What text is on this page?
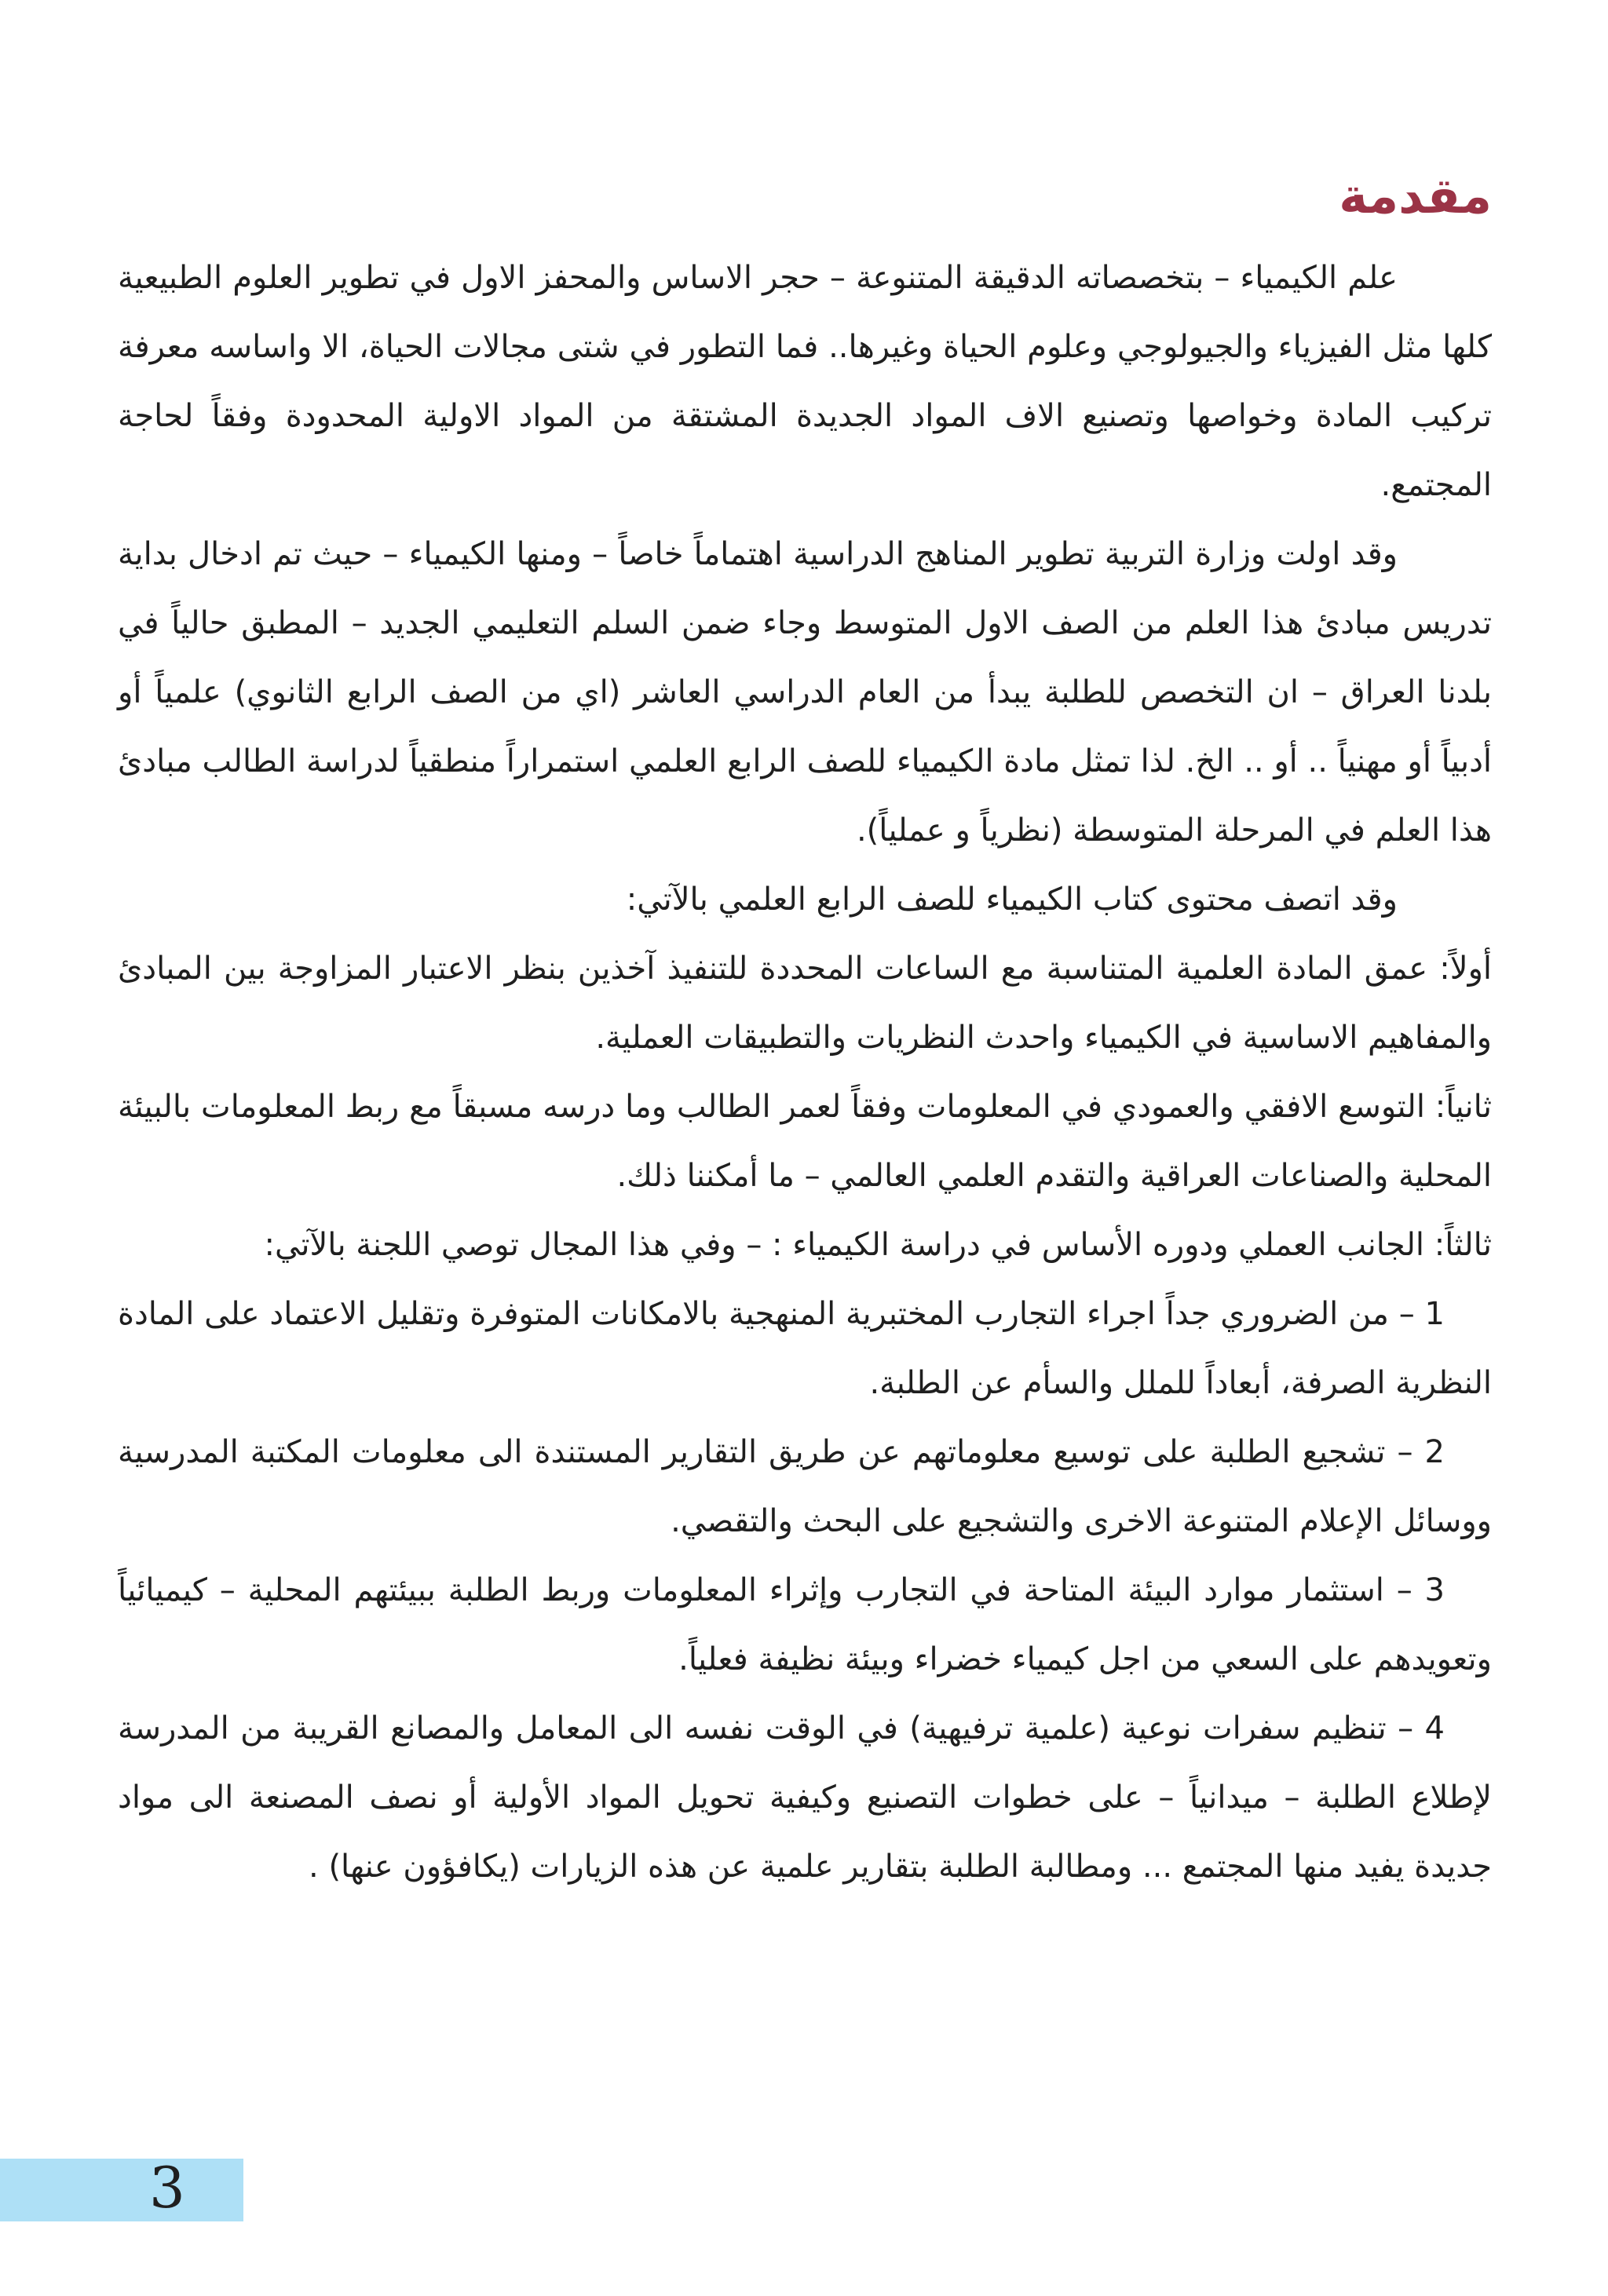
مقدمة

علم الكيمياء – بتخصصاته الدقيقة المتنوعة – حجر الاساس والمحفز الاول في تطوير العلوم الطبيعية كلها مثل الفيزياء والجيولوجي وعلوم الحياة وغيرها.. فما التطور في شتى مجالات الحياة، الا واساسه معرفة تركيب المادة وخواصها وتصنيع الاف المواد الجديدة المشتقة من المواد الاولية المحدودة وفقاً لحاجة المجتمع.

وقد اولت وزارة التربية تطوير المناهج الدراسية اهتماماً خاصاً – ومنها الكيمياء – حيث تم ادخال بداية تدريس مبادئ هذا العلم من الصف الاول المتوسط وجاء ضمن السلم التعليمي الجديد – المطبق حالياً في بلدنا العراق – ان التخصص للطلبة يبدأ من العام الدراسي العاشر (اي من الصف الرابع الثانوي) علمياً أو أدبياً أو مهنياً .. أو .. الخ. لذا تمثل مادة الكيمياء للصف الرابع العلمي استمراراً منطقياً لدراسة الطالب مبادئ هذا العلم في المرحلة المتوسطة (نظرياً و عملياً).

وقد اتصف محتوى كتاب الكيمياء للصف الرابع العلمي بالآتي:

أولاً: عمق المادة العلمية المتناسبة مع الساعات المحددة للتنفيذ آخذين بنظر الاعتبار المزاوجة بين المبادئ والمفاهيم الاساسية في الكيمياء واحدث النظريات والتطبيقات العملية.

ثانياً: التوسع الافقي والعمودي في المعلومات وفقاً لعمر الطالب وما درسه مسبقاً مع ربط المعلومات بالبيئة المحلية والصناعات العراقية والتقدم العلمي العالمي – ما أمكننا ذلك.

ثالثاً: الجانب العملي ودوره الأساس في دراسة الكيمياء : – وفي هذا المجال توصي اللجنة بالآتي:

1 – من الضروري جداً اجراء التجارب المختبرية المنهجية بالامكانات المتوفرة وتقليل الاعتماد على المادة النظرية الصرفة، أبعاداً للملل والسأم عن الطلبة.

2 – تشجيع الطلبة على توسيع معلوماتهم عن طريق التقارير المستندة الى معلومات المكتبة المدرسية ووسائل الإعلام المتنوعة الاخرى والتشجيع على البحث والتقصي.

3 – استثمار موارد البيئة المتاحة في التجارب وإثراء المعلومات وربط الطلبة ببيئتهم المحلية – كيميائياً وتعويدهم على السعي من اجل كيمياء خضراء وبيئة نظيفة فعلياً.

4 – تنظيم سفرات نوعية (علمية ترفيهية) في الوقت نفسه الى المعامل والمصانع القريبة من المدرسة لإطلاع الطلبة – ميدانياً – على خطوات التصنيع وكيفية تحويل المواد الأولية أو نصف المصنعة الى مواد جديدة يفيد منها المجتمع ... ومطالبة الطلبة بتقارير علمية عن هذه الزيارات (يكافؤون عنها) .

3
